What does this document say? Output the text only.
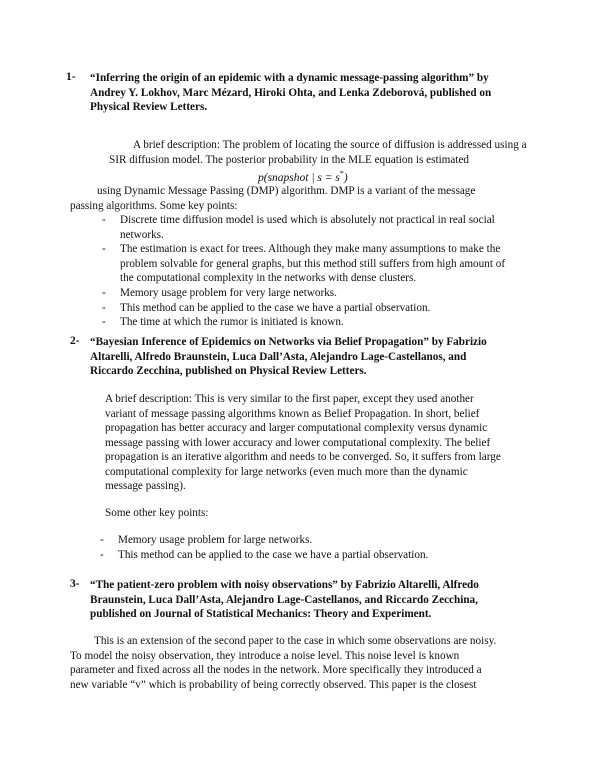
1- “Inferring the origin of an epidemic with a dynamic message-passing algorithm” by
Andrey Y. Lokhov, Marc Mézard, Hiroki Ohta, and Lenka Zdeborová, published on
Physical Review Letters.
A brief description: The problem of locating the source of diffusion is addressed using a
SIR diffusion model. The posterior probability in the MLE equation is estimated
p(snapshot | s = s*)
using Dynamic Message Passing (DMP) algorithm. DMP is a variant of the message
passing algorithms. Some key points:
- Discrete time diffusion model is used which is absolutely not practical in real social
networks.
- The estimation is exact for trees. Although they make many assumptions to make the
problem solvable for general graphs, but this method still suffers from high amount of
the computational complexity in the networks with dense clusters.
- Memory usage problem for very large networks.
- This method can be applied to the case we have a partial observation.
- The time at which the rumor is initiated is known.
2- “Bayesian Inference of Epidemics on Networks via Belief Propagation” by Fabrizio
Altarelli, Alfredo Braunstein, Luca Dall’Asta, Alejandro Lage-Castellanos, and
Riccardo Zecchina, published on Physical Review Letters.
A brief description: This is very similar to the first paper, except they used another
variant of message passing algorithms known as Belief Propagation. In short, belief
propagation has better accuracy and larger computational complexity versus dynamic
message passing with lower accuracy and lower computational complexity. The belief
propagation is an iterative algorithm and needs to be converged. So, it suffers from large
computational complexity for large networks (even much more than the dynamic
message passing).
Some other key points:
- Memory usage problem for large networks.
- This method can be applied to the case we have a partial observation.
3- “The patient-zero problem with noisy observations” by Fabrizio Altarelli, Alfredo
Braunstein, Luca Dall’Asta, Alejandro Lage-Castellanos, and Riccardo Zecchina,
published on Journal of Statistical Mechanics: Theory and Experiment.
This is an extension of the second paper to the case in which some observations are noisy.
To model the noisy observation, they introduce a noise level. This noise level is known
parameter and fixed across all the nodes in the network. More specifically they introduced a
new variable “v” which is probability of being correctly observed. This paper is the closest
